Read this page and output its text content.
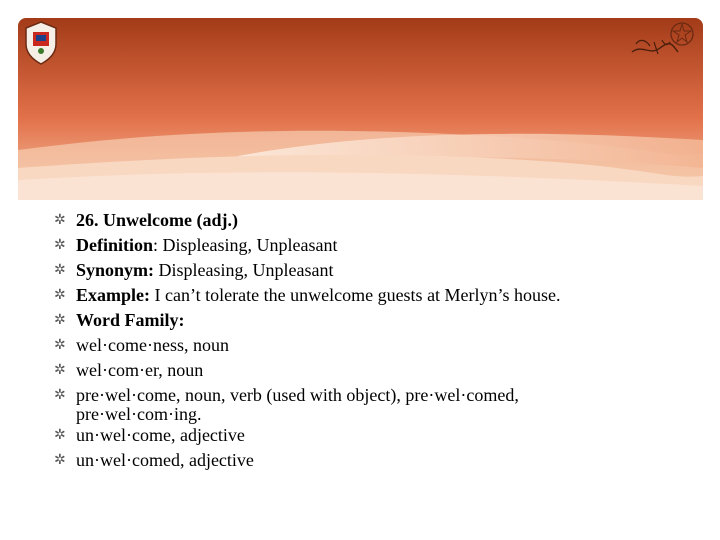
✲ 26. Unwelcome (adj.)
✲ Definition: Displeasing, Unpleasant
✲ Synonym: Displeasing, Unpleasant
✲ Example: I can’t tolerate the unwelcome guests at Merlyn’s house.
✲ Word Family:
✲ wel·come·ness, noun
✲ wel·com·er, noun
✲ pre·wel·come, noun, verb (used with object), pre·wel·comed,
pre·wel·com·ing.
✲ un·wel·come, adjective
✲ un·wel·comed, adjective
